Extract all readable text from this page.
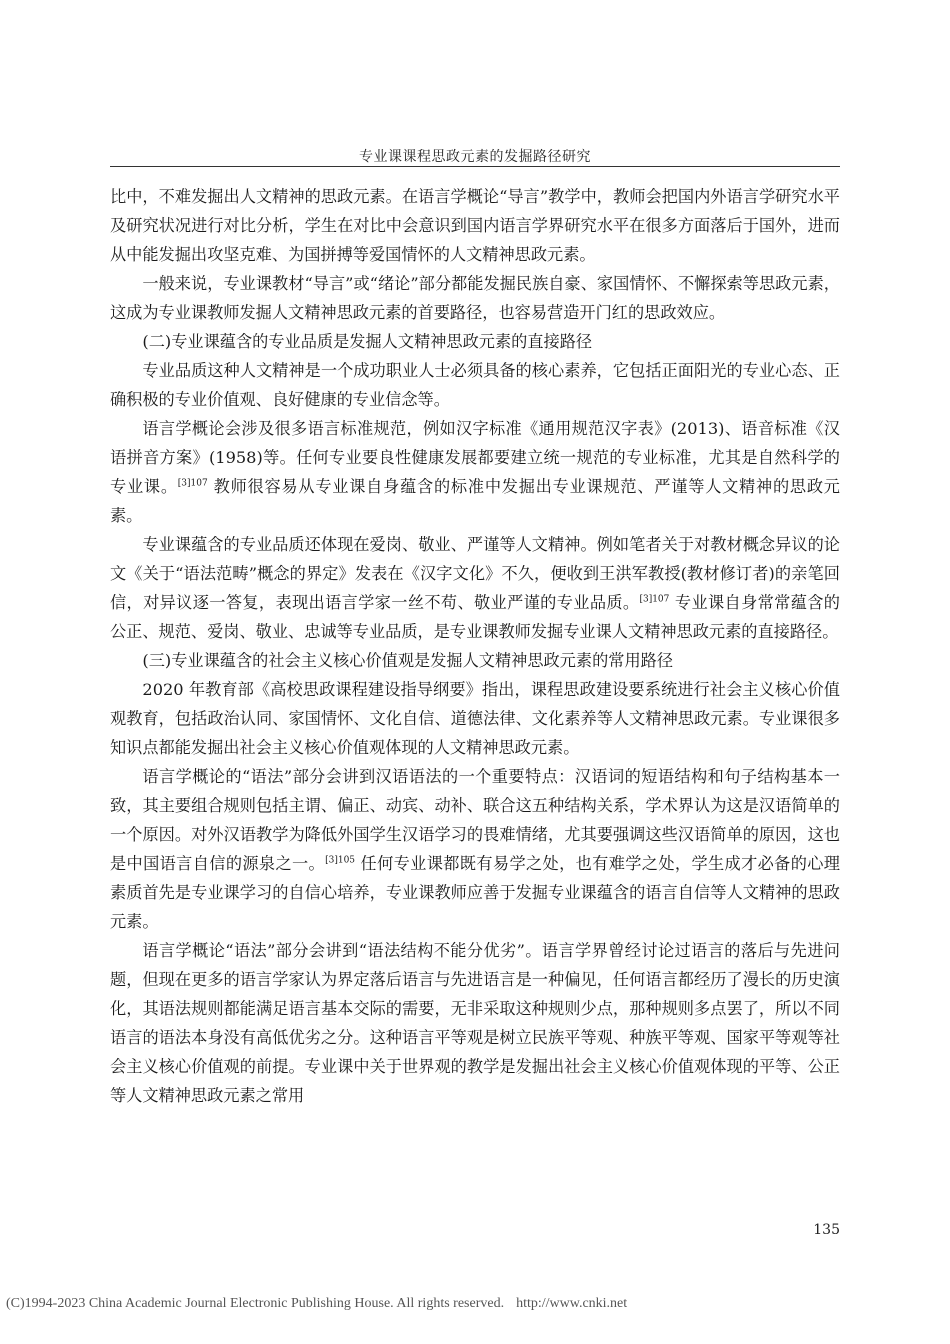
专业课课程思政元素的发掘路径研究

比中，不难发掘出人文精神的思政元素。在语言学概论“导言”教学中，教师会把国内外语言学研究水平及研究状况进行对比分析，学生在对比中会意识到国内语言学界研究水平在很多方面落后于国外，进而从中能发掘出攻坚克难、为国拼搏等爱国情怀的人文精神思政元素。

一般来说，专业课教材“导言”或“绪论”部分都能发掘民族自豪、家国情怀、不懈探索等思政元素，这成为专业课教师发掘人文精神思政元素的首要路径，也容易营造开门红的思政效应。

(二)专业课蕴含的专业品质是发掘人文精神思政元素的直接路径

专业品质这种人文精神是一个成功职业人士必须具备的核心素养，它包括正面阳光的专业心态、正确积极的专业价值观、良好健康的专业信念等。

语言学概论会涉及很多语言标准规范，例如汉字标准《通用规范汉字表》(2013)、语音标准《汉语拼音方案》(1958)等。任何专业要良性健康发展都要建立统一规范的专业标准，尤其是自然科学的专业课。$^{[3]107}$ 教师很容易从专业课自身蕴含的标准中发掘出专业课规范、严谨等人文精神的思政元素。

专业课蕴含的专业品质还体现在爱岗、敬业、严谨等人文精神。例如笔者关于对教材概念异议的论文《关于“语法范畴”概念的界定》发表在《汉字文化》不久，便收到王洪军教授(教材修订者)的亲笔回信，对异议逐一答复，表现出语言学家一丝不苟、敬业严谨的专业品质。$^{[3]107}$ 专业课自身常常蕴含的公正、规范、爱岗、敬业、忠诚等专业品质，是专业课教师发掘专业课人文精神思政元素的直接路径。

(三)专业课蕴含的社会主义核心价值观是发掘人文精神思政元素的常用路径

2020 年教育部《高校思政课程建设指导纲要》指出，课程思政建设要系统进行社会主义核心价值观教育，包括政治认同、家国情怀、文化自信、道德法律、文化素养等人文精神思政元素。专业课很多知识点都能发掘出社会主义核心价值观体现的人文精神思政元素。

语言学概论的“语法”部分会讲到汉语语法的一个重要特点：汉语词的短语结构和句子结构基本一致，其主要组合规则包括主谓、偏正、动宾、动补、联合这五种结构关系，学术界认为这是汉语简单的一个原因。对外汉语教学为降低外国学生汉语学习的畏难情绪，尤其要强调这些汉语简单的原因，这也是中国语言自信的源泉之一。$^{[3]105}$ 任何专业课都既有易学之处，也有难学之处，学生成才必备的心理素质首先是专业课学习的自信心培养，专业课教师应善于发掘专业课蕴含的语言自信等人文精神的思政元素。

语言学概论“语法”部分会讲到“语法结构不能分优劣”。语言学界曾经讨论过语言的落后与先进问题，但现在更多的语言学家认为界定落后语言与先进语言是一种偏见，任何语言都经历了漫长的历史演化，其语法规则都能满足语言基本交际的需要，无非采取这种规则少点，那种规则多点罢了，所以不同语言的语法本身没有高低优劣之分。这种语言平等观是树立民族平等观、种族平等观、国家平等观等社会主义核心价值观的前提。专业课中关于世界观的教学是发掘出社会主义核心价值观体现的平等、公正等人文精神思政元素之常用

135
(C)1994-2023 China Academic Journal Electronic Publishing House. All rights reserved. http://www.cnki.net
